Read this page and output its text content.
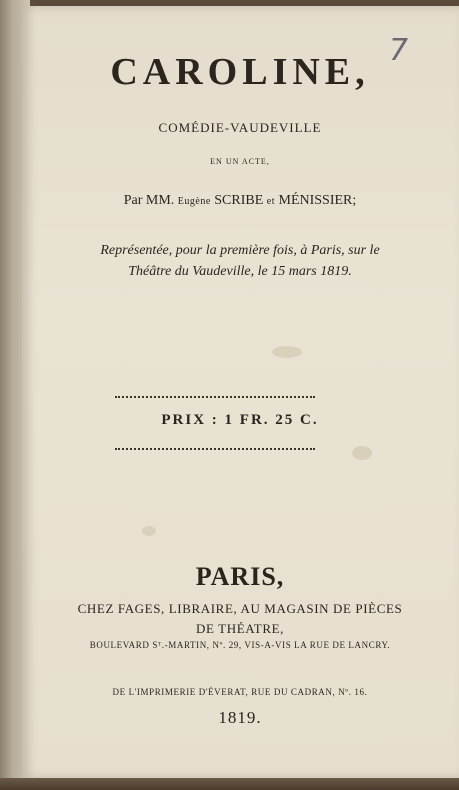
CAROLINE,
7
COMÉDIE-VAUDEVILLE
EN UN ACTE,
Par MM. Eugène SCRIBE et MÉNISSIER;
Représentée, pour la première fois, à Paris, sur le
Théâtre du Vaudeville, le 15 mars 1819.
PRIX : 1 FR. 25 C.
PARIS,
CHEZ FAGES, LIBRAIRE, AU MAGASIN DE PIÈCES
DE THÉATRE,
BOULEVARD Sᵀ.-MARTIN, Nº. 29, VIS-A-VIS LA RUE DE LANCRY.
DE L'IMPRIMERIE D'ÉVERAT, RUE DU CADRAN, Nº. 16.
1819.
